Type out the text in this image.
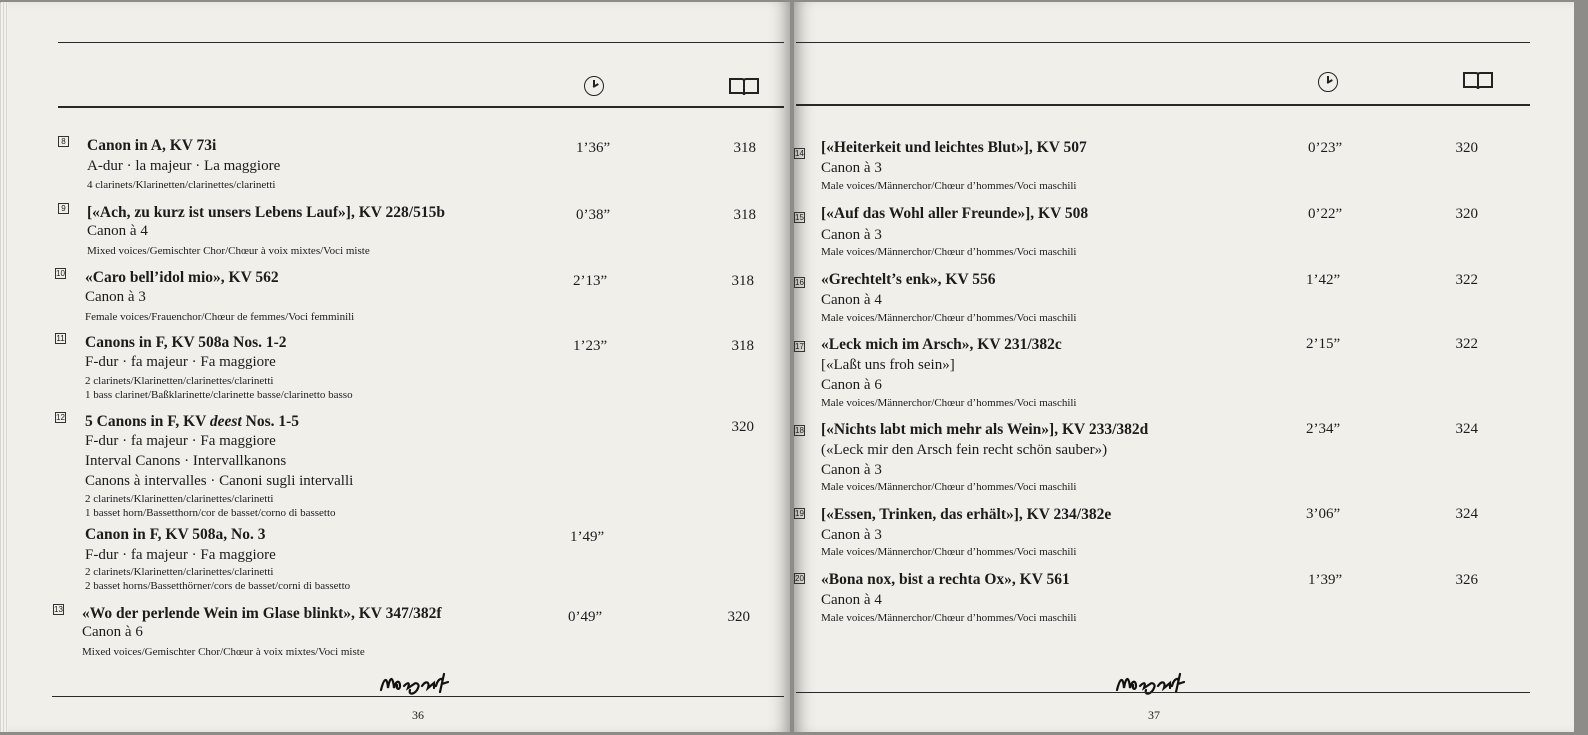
8 Canon in A, KV 73i
A-dur · la majeur · La maggiore
4 clarinets/Klarinetten/clarinettes/clarinetti
1’36”	318
9 [«Ach, zu kurz ist unsers Lebens Lauf»], KV 228/515b
Canon à 4
Mixed voices/Gemischter Chor/Chœur à voix mixtes/Voci miste
0’38”	318
10 «Caro bell’idol mio», KV 562
Canon à 3
Female voices/Frauenchor/Chœur de femmes/Voci femminili
2’13”	318
11 Canons in F, KV 508a Nos. 1-2
F-dur · fa majeur · Fa maggiore
2 clarinets/Klarinetten/clarinettes/clarinetti
1 bass clarinet/Baßklarinette/clarinette basse/clarinetto basso
1’23”	318
12 5 Canons in F, KV deest Nos. 1-5
F-dur · fa majeur · Fa maggiore
Interval Canons · Intervallkanons
Canons à intervalles · Canoni sugli intervalli
2 clarinets/Klarinetten/clarinettes/clarinetti
1 basset horn/Bassetthorn/cor de basset/corno di bassetto
320
Canon in F, KV 508a, No. 3
F-dur · fa majeur · Fa maggiore
2 clarinets/Klarinetten/clarinettes/clarinetti
2 basset horns/Bassetthörner/cors de basset/corni di bassetto
1’49”
13 «Wo der perlende Wein im Glase blinkt», KV 347/382f
Canon à 6
Mixed voices/Gemischter Chor/Chœur à voix mixtes/Voci miste
0’49”	320
36
14 [«Heiterkeit und leichtes Blut»], KV 507
Canon à 3
Male voices/Männerchor/Chœur d’hommes/Voci maschili
0’23”	320
15 [«Auf das Wohl aller Freunde»], KV 508
Canon à 3
Male voices/Männerchor/Chœur d’hommes/Voci maschili
0’22”	320
16 «Grechtelt’s enk», KV 556
Canon à 4
Male voices/Männerchor/Chœur d’hommes/Voci maschili
1’42”	322
17 «Leck mich im Arsch», KV 231/382c
[«Laßt uns froh sein»]
Canon à 6
Male voices/Männerchor/Chœur d’hommes/Voci maschili
2’15”	322
18 [«Nichts labt mich mehr als Wein»], KV 233/382d
(«Leck mir den Arsch fein recht schön sauber»)
Canon à 3
Male voices/Männerchor/Chœur d’hommes/Voci maschili
2’34”	324
19 [«Essen, Trinken, das erhält»], KV 234/382e
Canon à 3
Male voices/Männerchor/Chœur d’hommes/Voci maschili
3’06”	324
20 «Bona nox, bist a rechta Ox», KV 561
Canon à 4
Male voices/Männerchor/Chœur d’hommes/Voci maschili
1’39”	326
37
